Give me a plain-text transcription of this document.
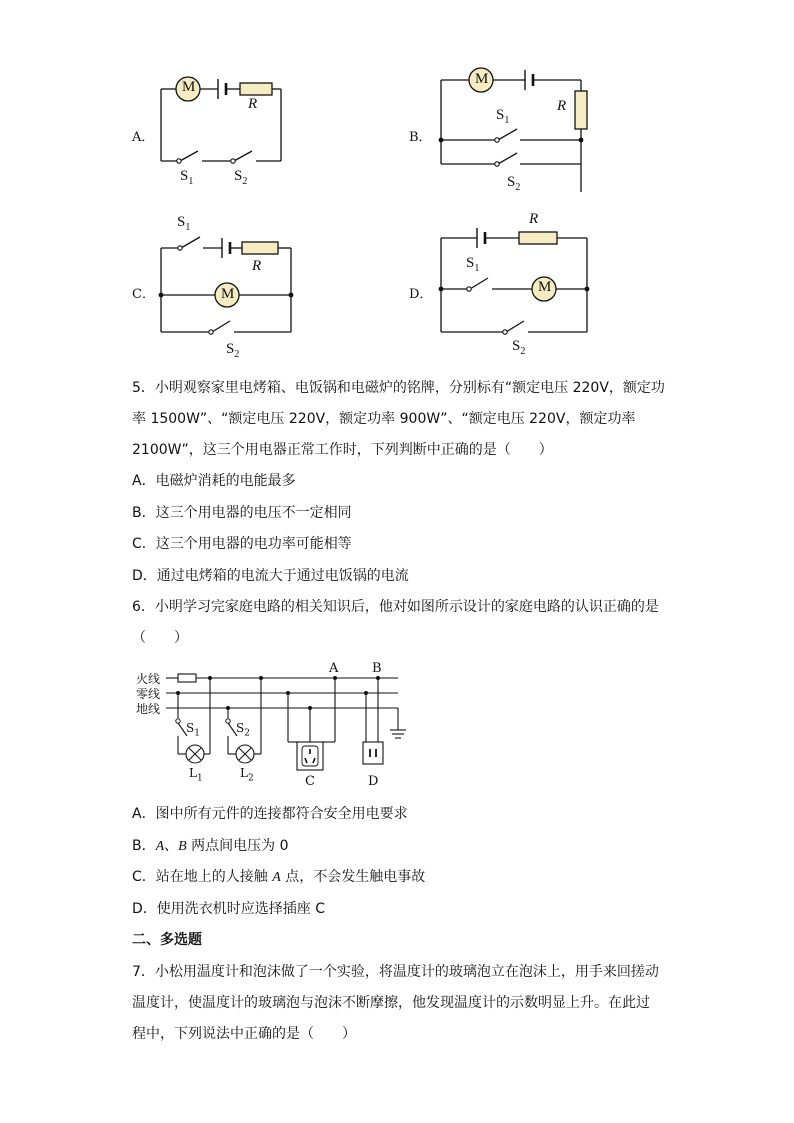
A．
M
R
$S_1$	$S_2$
B．
M
R
$S_1$
$S_2$
C．
$S_1$
R
M
$S_2$
D．
R
$S_1$
M
$S_2$
5．小明观察家里电烤箱、电饭锅和电磁炉的铭牌，分别标有“额定电压 220V，额定功
率 1500W”、“额定电压 220V，额定功率 900W”、“额定电压 220V，额定功率
2100W”，这三个用电器正常工作时，下列判断中正确的是（　　）
A．电磁炉消耗的电能最多
B．这三个用电器的电压不一定相同
C．这三个用电器的电功率可能相等
D．通过电烤箱的电流大于通过电饭锅的电流
6．小明学习完家庭电路的相关知识后，他对如图所示设计的家庭电路的认识正确的是
（　　）
火线
零线
地线
A	B
$S_1$	$S_2$
$L_1$	$L_2$	C	D
A．图中所有元件的连接都符合安全用电要求
B．A、B 两点间电压为 0
C．站在地上的人接触 A 点，不会发生触电事故
D．使用洗衣机时应选择插座 C
二、多选题
7．小松用温度计和泡沫做了一个实验，将温度计的玻璃泡立在泡沫上，用手来回搓动
温度计，使温度计的玻璃泡与泡沫不断摩擦，他发现温度计的示数明显上升。在此过
程中，下列说法中正确的是（　　）
